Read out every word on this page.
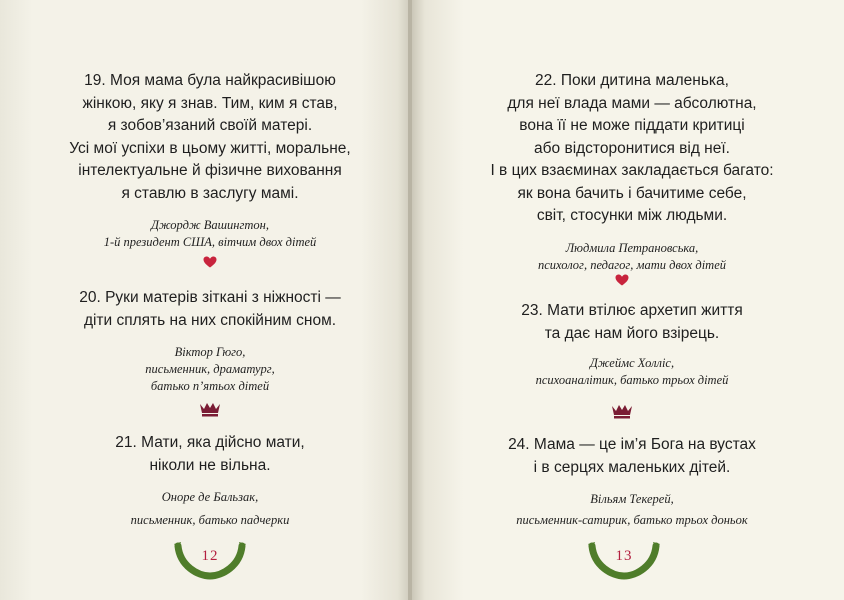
19. Моя мама була найкрасивішою
жінкою, яку я знав. Тим, ким я став,
я зобов’язаний своїй матері.
Усі мої успіхи в цьому житті, моральне,
інтелектуальне й фізичне виховання
я ставлю в заслугу мамі.

Джордж Вашингтон,
1-й президент США, вітчим двох дітей

20. Руки матерів зіткані з ніжності —
діти сплять на них спокійним сном.

Віктор Гюго,
письменник, драматург,
батько п’ятьох дітей

21. Мати, яка дійсно мати,
ніколи не вільна.

Оноре де Бальзак,
письменник, батько падчерки

12

22. Поки дитина маленька,
для неї влада мами — абсолютна,
вона її не може піддати критиці
або відсторонитися від неї.
І в цих взаєминах закладається багато:
як вона бачить і бачитиме себе,
світ, стосунки між людьми.

Людмила Петрановська,
психолог, педагог, мати двох дітей

23. Мати втілює архетип життя
та дає нам його взірець.

Джеймс Холліс,
психоаналітик, батько трьох дітей

24. Мама — це ім’я Бога на вустах
і в серцях маленьких дітей.

Вільям Текерей,
письменник-сатирик, батько трьох доньок

13
